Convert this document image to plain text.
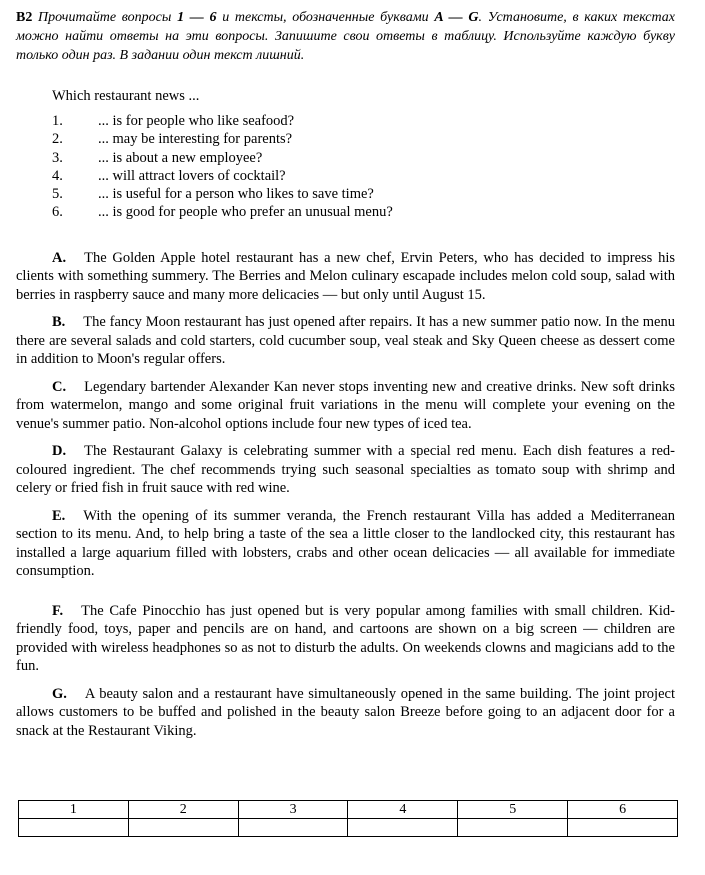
B2 Прочитайте вопросы 1 — 6 и тексты, обозначенные буквами A — G. Установите, в каких текстах можно найти ответы на эти вопросы. Запишите свои ответы в таблицу. Используйте каждую букву только один раз. В задании один текст лишний.
Which restaurant news ...
1.	... is for people who like seafood?
2.	... may be interesting for parents?
3.	... is about a new employee?
4.	... will attract lovers of cocktail?
5.	... is useful for a person who likes to save time?
6.	... is good for people who prefer an unusual menu?

A. The Golden Apple hotel restaurant has a new chef, Ervin Peters, who has decided to impress his clients with something summery. The Berries and Melon culinary escapade includes melon cold soup, salad with berries in raspberry sauce and many more delicacies — but only until August 15.

B. The fancy Moon restaurant has just opened after repairs. It has a new summer patio now. In the menu there are several salads and cold starters, cold cucumber soup, veal steak and Sky Queen cheese as dessert come in addition to Moon's regular offers.

C. Legendary bartender Alexander Kan never stops inventing new and creative drinks. New soft drinks from watermelon, mango and some original fruit variations in the menu will complete your evening on the venue's summer patio. Non-alcohol options include four new types of iced tea.

D. The Restaurant Galaxy is celebrating summer with a special red menu. Each dish features a red-coloured ingredient. The chef recommends trying such seasonal specialties as tomato soup with shrimp and celery or fried fish in fruit sauce with red wine.

E. With the opening of its summer veranda, the French restaurant Villa has added a Mediterranean section to its menu. And, to help bring a taste of the sea a little closer to the landlocked city, this restaurant has installed a large aquarium filled with lobsters, crabs and other ocean delicacies — all available for immediate consumption.

F. The Cafe Pinocchio has just opened but is very popular among families with small children. Kid-friendly food, toys, paper and pencils are on hand, and cartoons are shown on a big screen — children are provided with wireless headphones so as not to disturb the adults. On weekends clowns and magicians add to the fun.

G. A beauty salon and a restaurant have simultaneously opened in the same building. The joint project allows customers to be buffed and polished in the beauty salon Breeze before going to an adjacent door for a snack at the Restaurant Viking.

1	2	3	4	5	6
